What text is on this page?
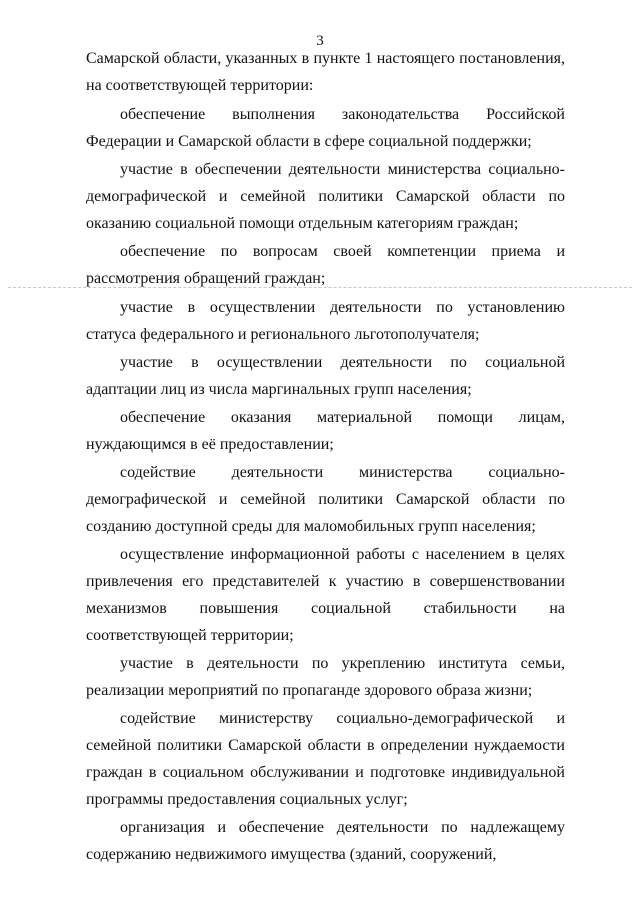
3

Самарской области, указанных в пункте 1 настоящего постановления, на соответствующей территории:

обеспечение выполнения законодательства Российской Федерации и Самарской области в сфере социальной поддержки;

участие в обеспечении деятельности министерства социально-демографической и семейной политики Самарской области по оказанию социальной помощи отдельным категориям граждан;

обеспечение по вопросам своей компетенции приема и рассмотрения обращений граждан;

участие в осуществлении деятельности по установлению статуса федерального и регионального льготополучателя;

участие в осуществлении деятельности по социальной адаптации лиц из числа маргинальных групп населения;

обеспечение оказания материальной помощи лицам, нуждающимся в её предоставлении;

содействие деятельности министерства социально-демографической и семейной политики Самарской области по созданию доступной среды для маломобильных групп населения;

осуществление информационной работы с населением в целях привлечения его представителей к участию в совершенствовании механизмов повышения социальной стабильности на соответствующей территории;

участие в деятельности по укреплению института семьи, реализации мероприятий по пропаганде здорового образа жизни;

содействие министерству социально-демографической и семейной политики Самарской области в определении нуждаемости граждан в социальном обслуживании и подготовке индивидуальной программы предоставления социальных услуг;

организация и обеспечение деятельности по надлежащему содержанию недвижимого имущества (зданий, сооружений,
